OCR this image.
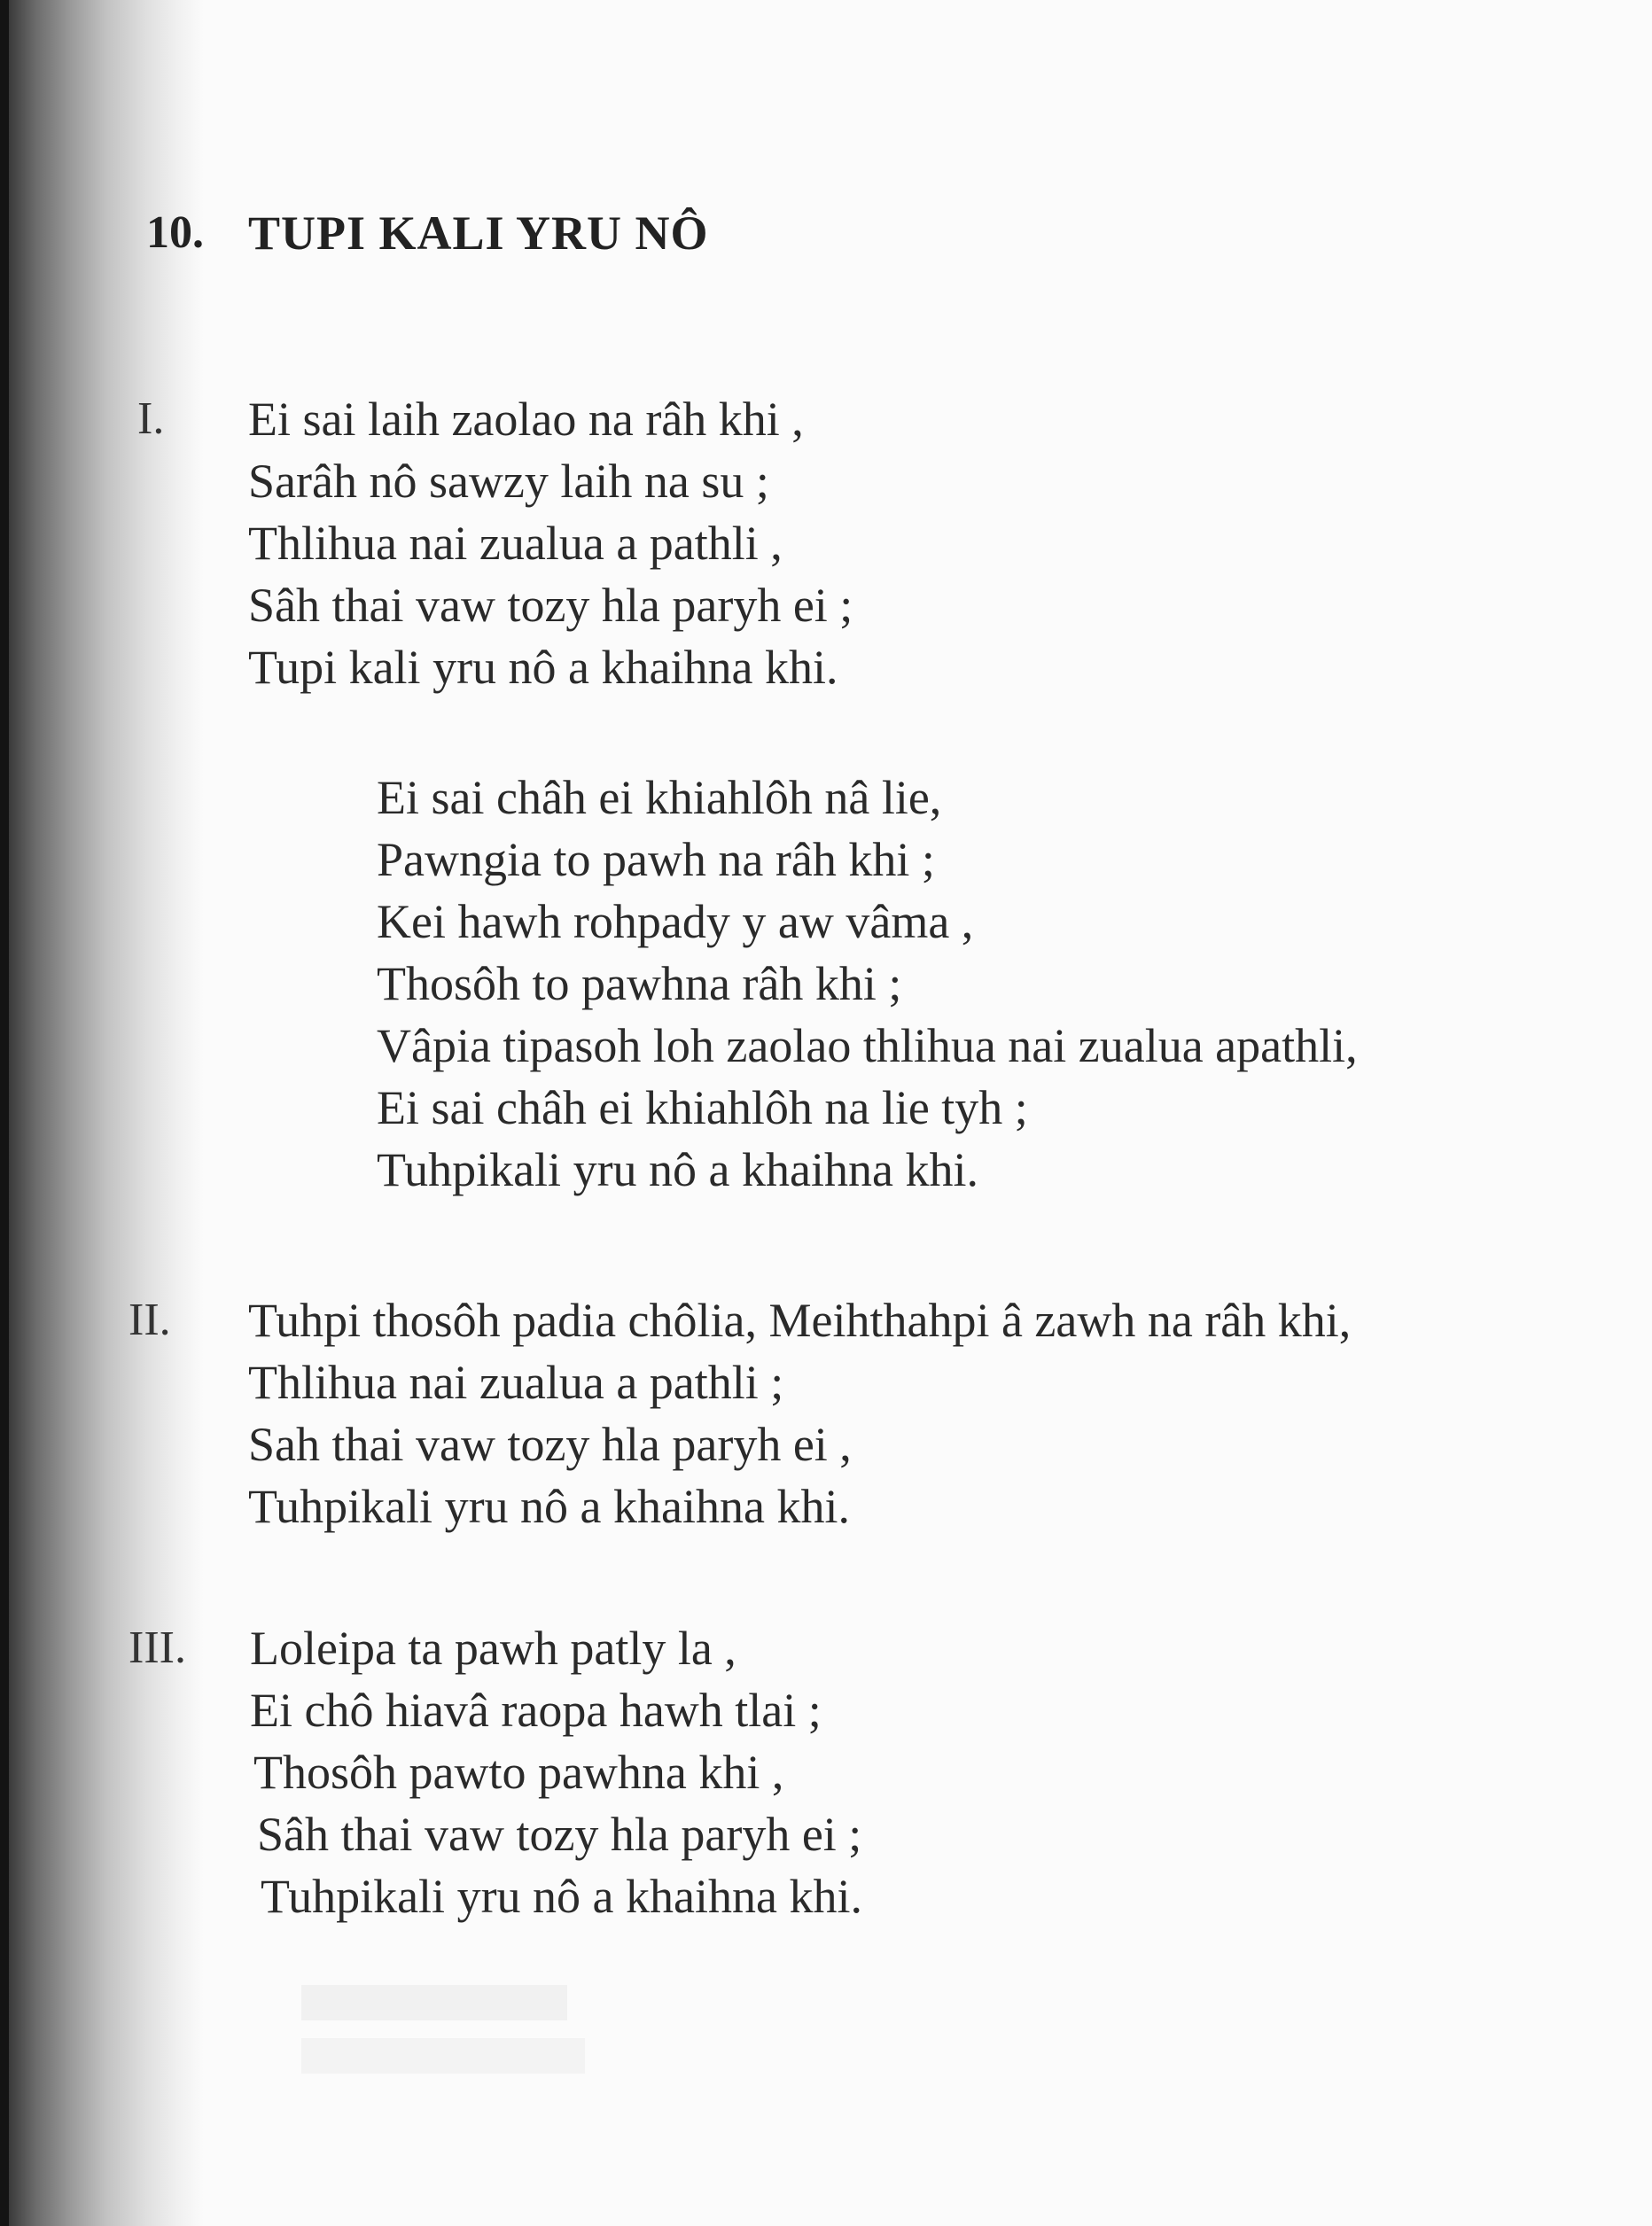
10. TUPI KALI YRU NÔ
I. Ei sai laih zaolao na râh khi ,
Sarâh nô sawzy laih na su ;
Thlihua nai zualua a pathli ,
Sâh thai vaw tozy hla paryh ei ;
Tupi kali yru nô a khaihna khi.
Ei sai châh ei khiahlôh nâ lie,
Pawngia to pawh na râh khi ;
Kei hawh rohpady y aw vâma ,
Thosôh to pawhna râh khi ;
Vâpia tipasoh loh zaolao thlihua nai zualua apathli,
Ei sai châh ei khiahlôh na lie tyh ;
Tuhpikali yru nô a khaihna khi.
II. Tuhpi thosôh padia chôlia, Meihthahpi â zawh na râh khi,
Thlihua nai zualua a pathli ;
Sah thai vaw tozy hla paryh ei ,
Tuhpikali yru nô a khaihna khi.
III. Loleipa ta pawh patly la ,
Ei chô hiavâ raopa hawh tlai ;
Thosôh pawto pawhna khi ,
Sâh thai vaw tozy hla paryh ei ;
Tuhpikali yru nô a khaihna khi.
